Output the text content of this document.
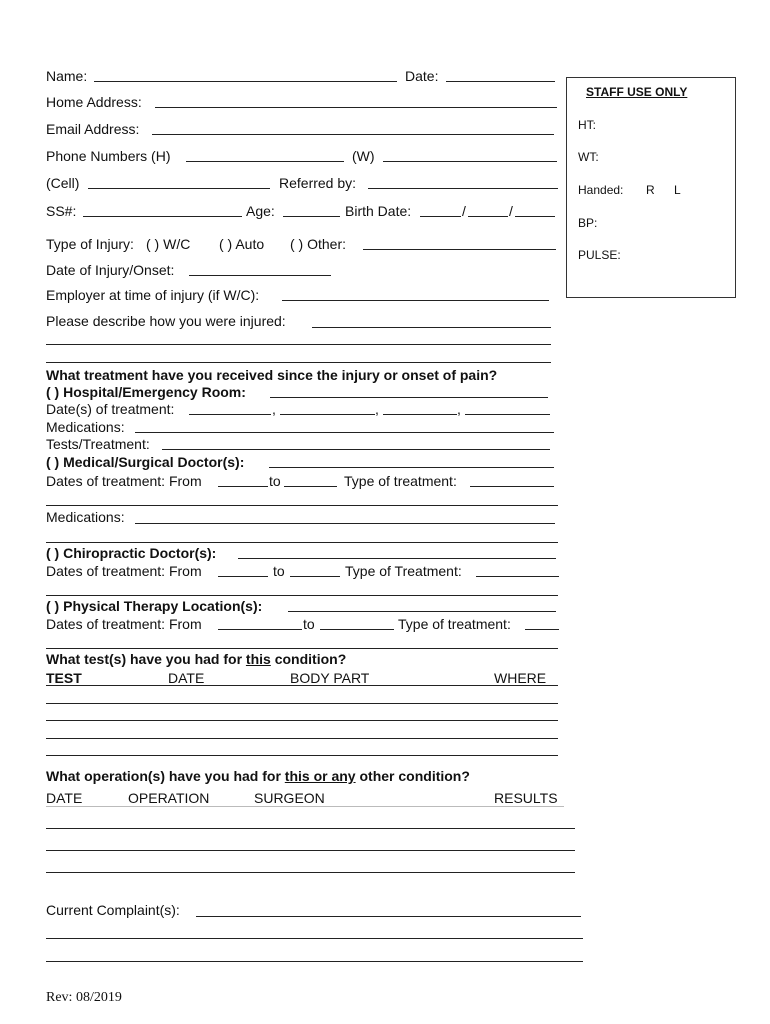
Name:	Date:
Home Address:
Email Address:
Phone Numbers (H)	(W)
(Cell)	Referred by:
SS#:	Age:	Birth Date:	/	/
Type of Injury: ( ) W/C ( ) Auto ( ) Other:
Date of Injury/Onset:
Employer at time of injury (if W/C):
Please describe how you were injured:
What treatment have you received since the injury or onset of pain?
( ) Hospital/Emergency Room:
Date(s) of treatment:	,	,	,
Medications:
Tests/Treatment:
( ) Medical/Surgical Doctor(s):
Dates of treatment: From	to	Type of treatment:
Medications:
( ) Chiropractic Doctor(s):
Dates of treatment: From	to	Type of Treatment:
( ) Physical Therapy Location(s):
Dates of treatment: From	to	Type of treatment:
What test(s) have you had for this condition?
TEST	DATE	BODY PART	WHERE
What operation(s) have you had for this or any other condition?
DATE	OPERATION	SURGEON	RESULTS
Current Complaint(s):
Rev: 08/2019
STAFF USE ONLY
HT:
WT:
Handed: R L
BP:
PULSE:
